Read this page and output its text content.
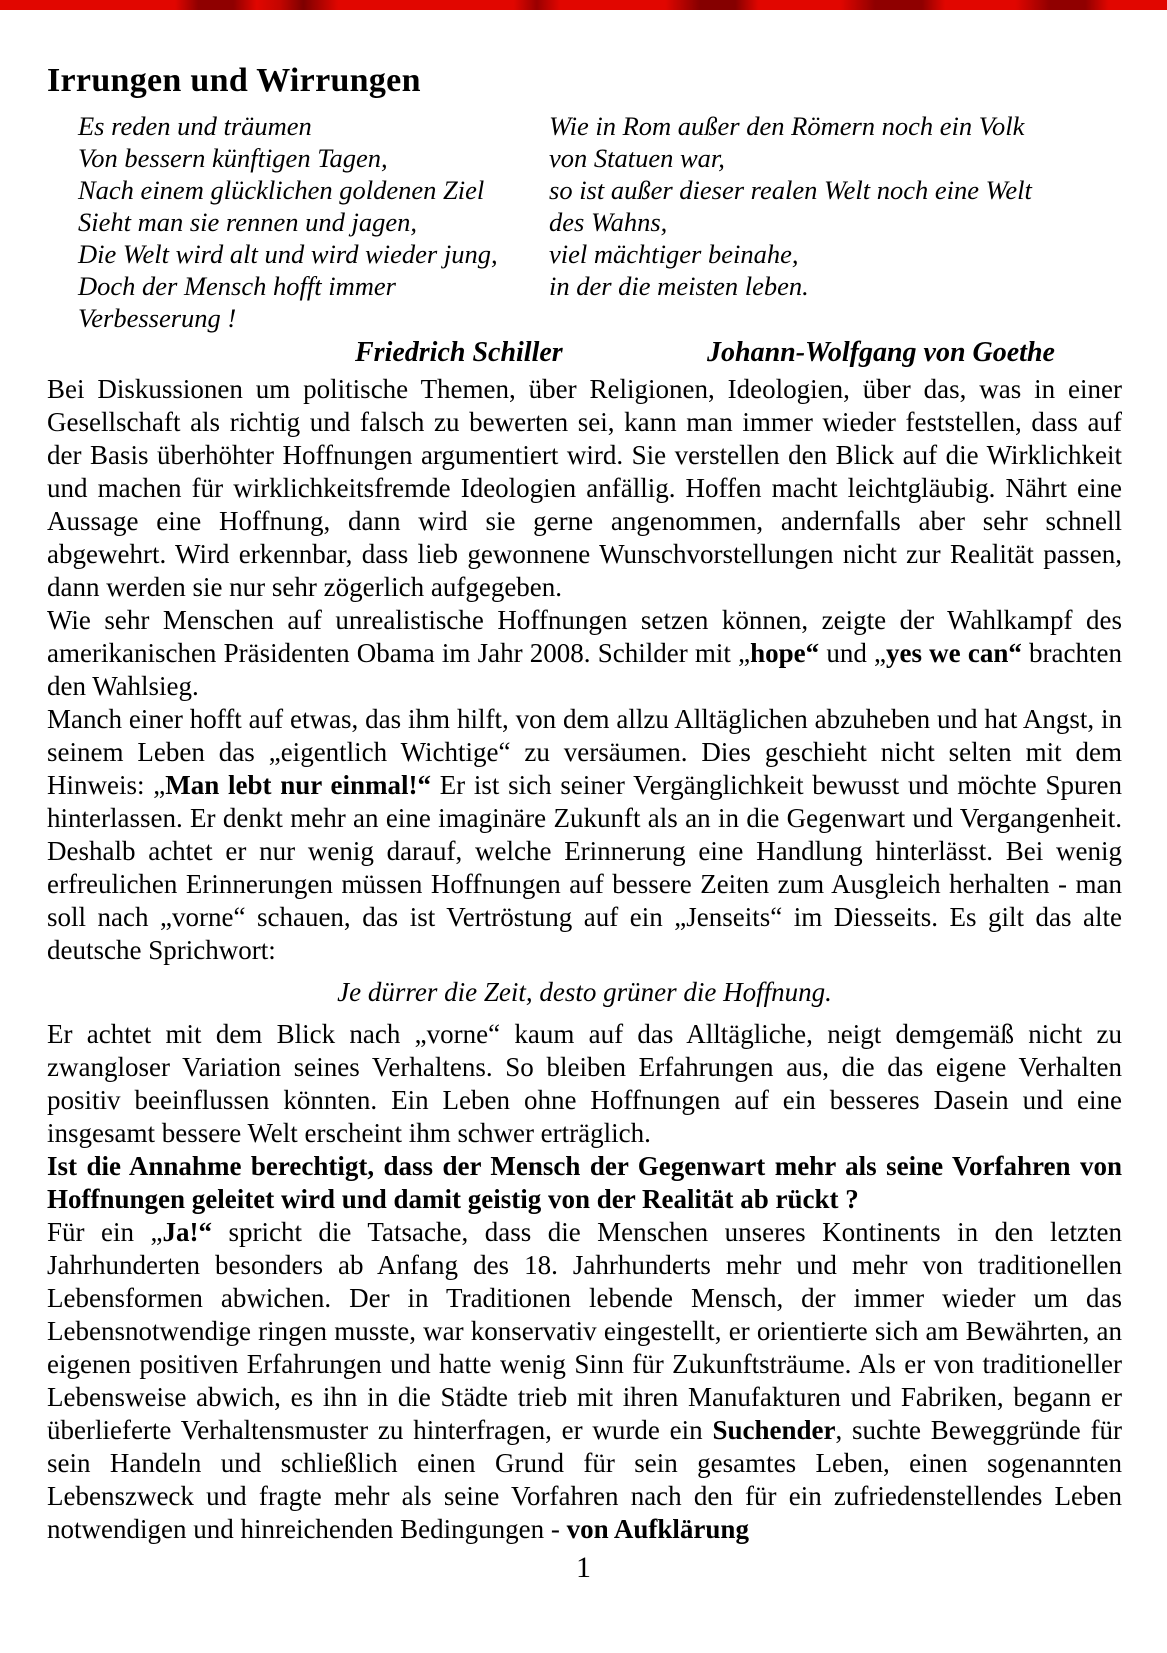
Irrungen und Wirrungen
Es reden und träumen
Von bessern künftigen Tagen,
Nach einem glücklichen goldenen Ziel
Sieht man sie rennen und jagen,
Die Welt wird alt und wird wieder jung,
Doch der Mensch hofft immer
Verbesserung !
Wie in Rom außer den Römern noch ein Volk
von Statuen war,
so ist außer dieser realen Welt noch eine Welt
des Wahns,
viel mächtiger beinahe,
in der die meisten leben.
Friedrich Schiller	Johann-Wolfgang von Goethe

Bei Diskussionen um politische Themen, über Religionen, Ideologien, über das, was in einer Gesellschaft als richtig und falsch zu bewerten sei, kann man immer wieder feststellen, dass auf der Basis überhöhter Hoffnungen argumentiert wird. Sie verstellen den Blick auf die Wirklichkeit und machen für wirklichkeitsfremde Ideologien anfällig. Hoffen macht leichtgläubig. Nährt eine Aussage eine Hoffnung, dann wird sie gerne angenommen, andernfalls aber sehr schnell abgewehrt. Wird erkennbar, dass lieb gewonnene Wunschvorstellungen nicht zur Realität passen, dann werden sie nur sehr zögerlich aufgegeben.

Wie sehr Menschen auf unrealistische Hoffnungen setzen können, zeigte der Wahlkampf des amerikanischen Präsidenten Obama im Jahr 2008. Schilder mit „hope“ und „yes we can“ brachten den Wahlsieg.

Manch einer hofft auf etwas, das ihm hilft, von dem allzu Alltäglichen abzuheben und hat Angst, in seinem Leben das „eigentlich Wichtige“ zu versäumen. Dies geschieht nicht selten mit dem Hinweis: „Man lebt nur einmal!“ Er ist sich seiner Vergänglichkeit bewusst und möchte Spuren hinterlassen. Er denkt mehr an eine imaginäre Zukunft als an in die Gegenwart und Vergangenheit. Deshalb achtet er nur wenig darauf, welche Erinnerung eine Handlung hinterlässt. Bei wenig erfreulichen Erinnerungen müssen Hoffnungen auf bessere Zeiten zum Ausgleich herhalten - man soll nach „vorne“ schauen, das ist Vertröstung auf ein „Jenseits“ im Diesseits. Es gilt das alte deutsche Sprichwort:

Je dürrer die Zeit, desto grüner die Hoffnung.

Er achtet mit dem Blick nach „vorne“ kaum auf das Alltägliche, neigt demgemäß nicht zu zwangloser Variation seines Verhaltens. So bleiben Erfahrungen aus, die das eigene Verhalten positiv beeinflussen könnten. Ein Leben ohne Hoffnungen auf ein besseres Dasein und eine insgesamt bessere Welt erscheint ihm schwer erträglich.

Ist die Annahme berechtigt, dass der Mensch der Gegenwart mehr als seine Vorfahren von Hoffnungen geleitet wird und damit geistig von der Realität ab rückt ?

Für ein „Ja!“ spricht die Tatsache, dass die Menschen unseres Kontinents in den letzten Jahrhunderten besonders ab Anfang des 18. Jahrhunderts mehr und mehr von traditionellen Lebensformen abwichen. Der in Traditionen lebende Mensch, der immer wieder um das Lebensnotwendige ringen musste, war konservativ eingestellt, er orientierte sich am Bewährten, an eigenen positiven Erfahrungen und hatte wenig Sinn für Zukunftsträume. Als er von traditioneller Lebensweise abwich, es ihn in die Städte trieb mit ihren Manufakturen und Fabriken, begann er überlieferte Verhaltensmuster zu hinterfragen, er wurde ein Suchender, suchte Beweggründe für sein Handeln und schließlich einen Grund für sein gesamtes Leben, einen sogenannten Lebenszweck und fragte mehr als seine Vorfahren nach den für ein zufriedenstellendes Leben notwendigen und hinreichenden Bedingungen - von Aufklärung

1
